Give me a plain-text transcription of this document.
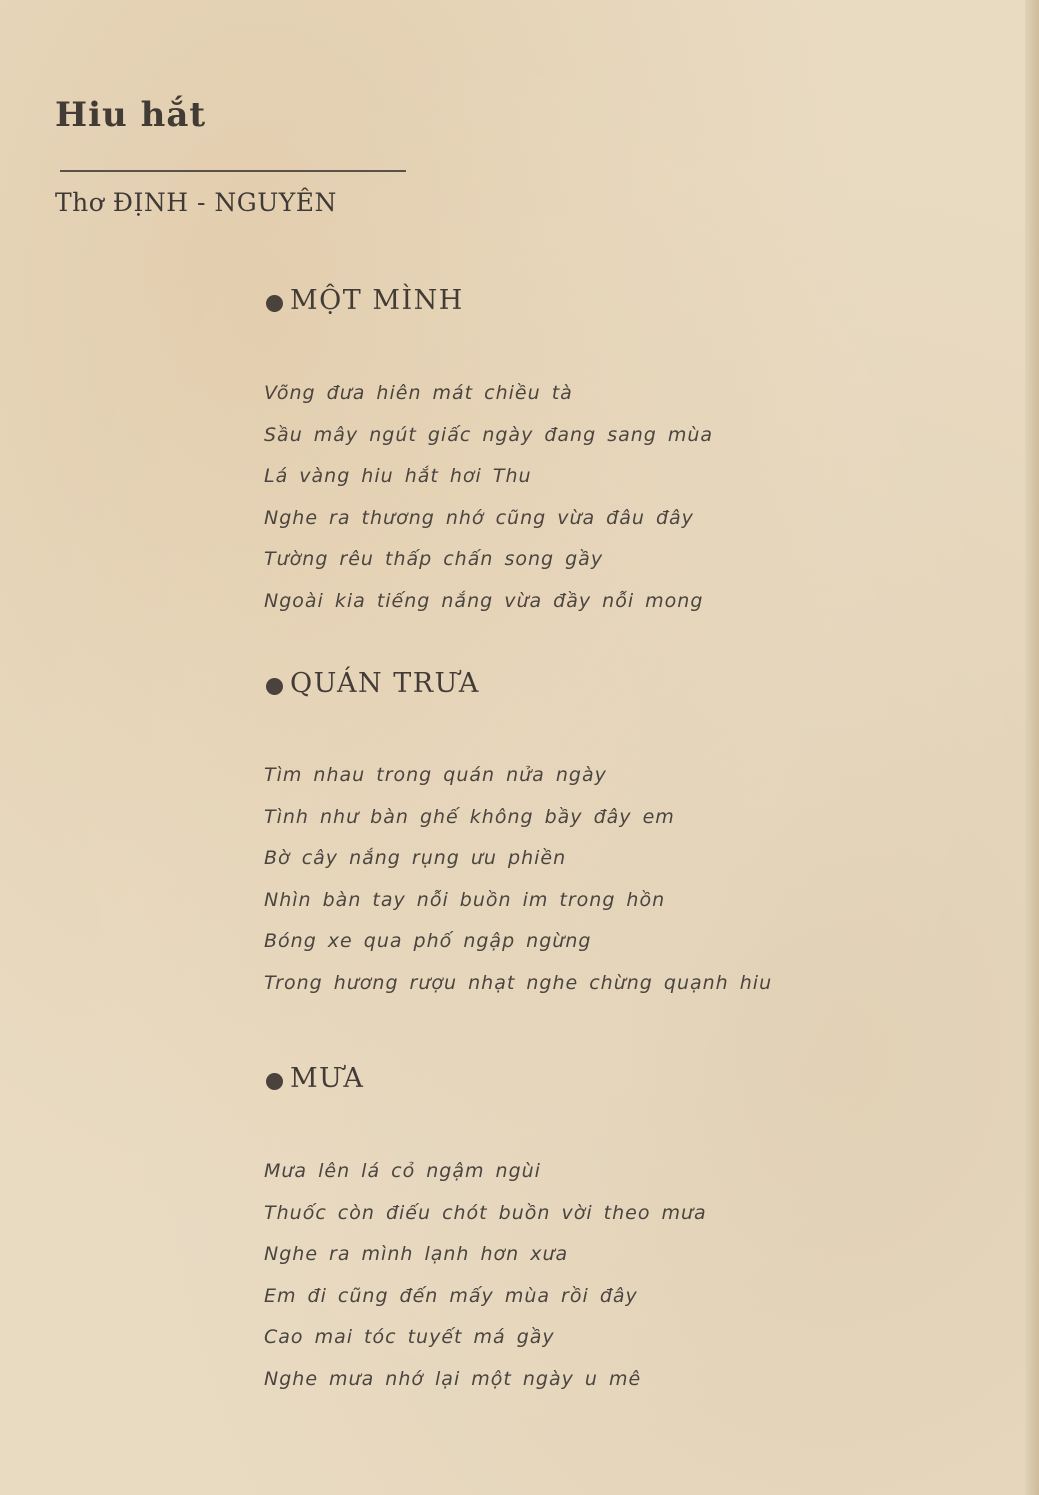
Hiu hắt
Thơ ĐỊNH - NGUYÊN
MỘT MÌNH
Võng đưa hiên mát chiều tà
Sầu mây ngút giấc ngày đang sang mùa
Lá vàng hiu hắt hơi Thu
Nghe ra thương nhớ cũng vừa đâu đây
Tường rêu thấp chấn song gầy
Ngoài kia tiếng nắng vừa đầy nỗi mong
QUÁN TRƯA
Tìm nhau trong quán nửa ngày
Tình như bàn ghế không bầy đây em
Bờ cây nắng rụng ưu phiền
Nhìn bàn tay nỗi buồn im trong hồn
Bóng xe qua phố ngập ngừng
Trong hương rượu nhạt nghe chừng quạnh hiu
MƯA
Mưa lên lá cỏ ngậm ngùi
Thuốc còn điếu chót buồn vời theo mưa
Nghe ra mình lạnh hơn xưa
Em đi cũng đến mấy mùa rồi đây
Cao mai tóc tuyết má gầy
Nghe mưa nhớ lại một ngày u mê
